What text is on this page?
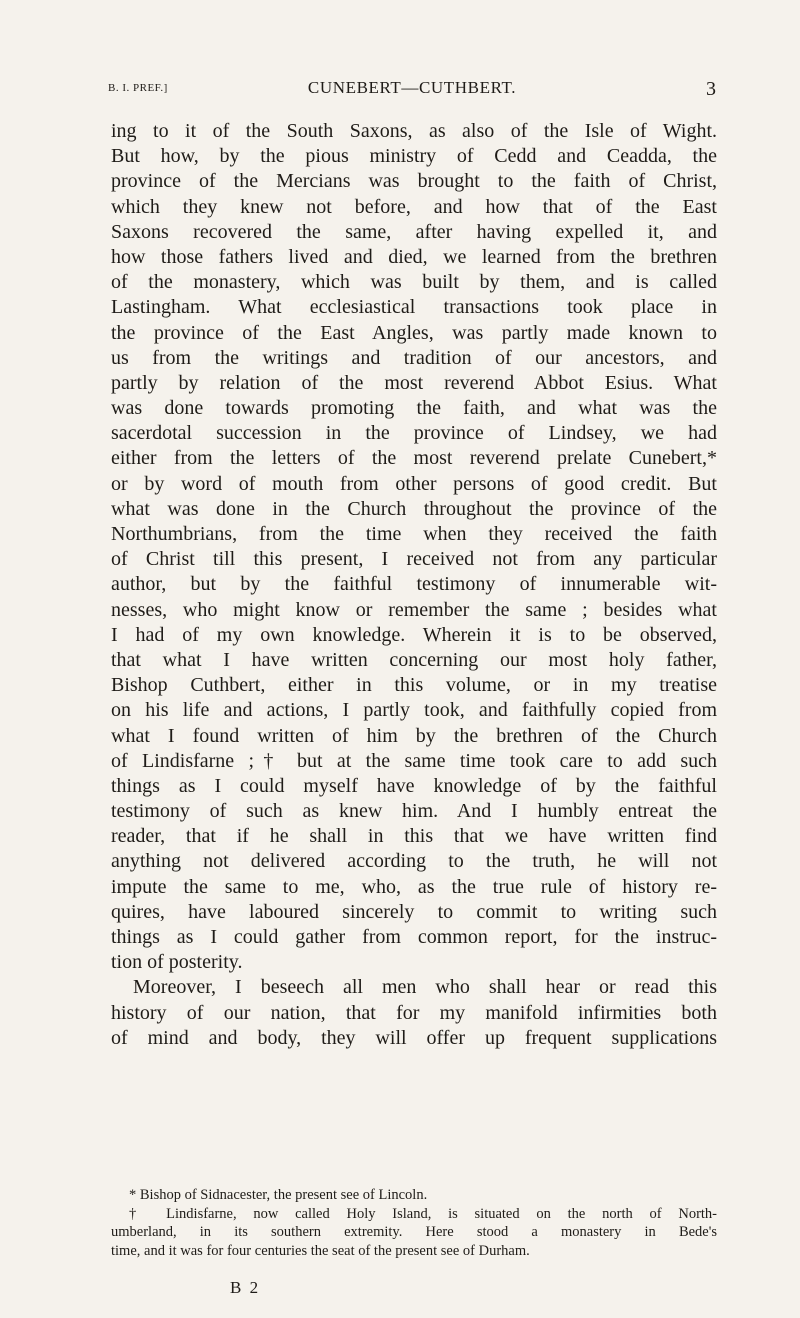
B. I. PREF.]	CUNEBERT—CUTHBERT.	3
ing to it of the South Saxons, as also of the Isle of Wight.
But how, by the pious ministry of Cedd and Ceadda, the
province of the Mercians was brought to the faith of Christ,
which they knew not before, and how that of the East
Saxons recovered the same, after having expelled it, and
how those fathers lived and died, we learned from the brethren
of the monastery, which was built by them, and is called
Lastingham. What ecclesiastical transactions took place in
the province of the East Angles, was partly made known to
us from the writings and tradition of our ancestors, and
partly by relation of the most reverend Abbot Esius. What
was done towards promoting the faith, and what was the
sacerdotal succession in the province of Lindsey, we had
either from the letters of the most reverend prelate Cunebert,*
or by word of mouth from other persons of good credit. But
what was done in the Church throughout the province of the
Northumbrians, from the time when they received the faith
of Christ till this present, I received not from any particular
author, but by the faithful testimony of innumerable wit-
nesses, who might know or remember the same ; besides what
I had of my own knowledge. Wherein it is to be observed,
that what I have written concerning our most holy father,
Bishop Cuthbert, either in this volume, or in my treatise
on his life and actions, I partly took, and faithfully copied from
what I found written of him by the brethren of the Church
of Lindisfarne ;† but at the same time took care to add such
things as I could myself have knowledge of by the faithful
testimony of such as knew him. And I humbly entreat the
reader, that if he shall in this that we have written find
anything not delivered according to the truth, he will not
impute the same to me, who, as the true rule of history re-
quires, have laboured sincerely to commit to writing such
things as I could gather from common report, for the instruc-
tion of posterity.
Moreover, I beseech all men who shall hear or read this
history of our nation, that for my manifold infirmities both
of mind and body, they will offer up frequent supplications
* Bishop of Sidnacester, the present see of Lincoln.
† Lindisfarne, now called Holy Island, is situated on the north of North-
umberland, in its southern extremity. Here stood a monastery in Bede's
time, and it was for four centuries the seat of the present see of Durham.
B 2
